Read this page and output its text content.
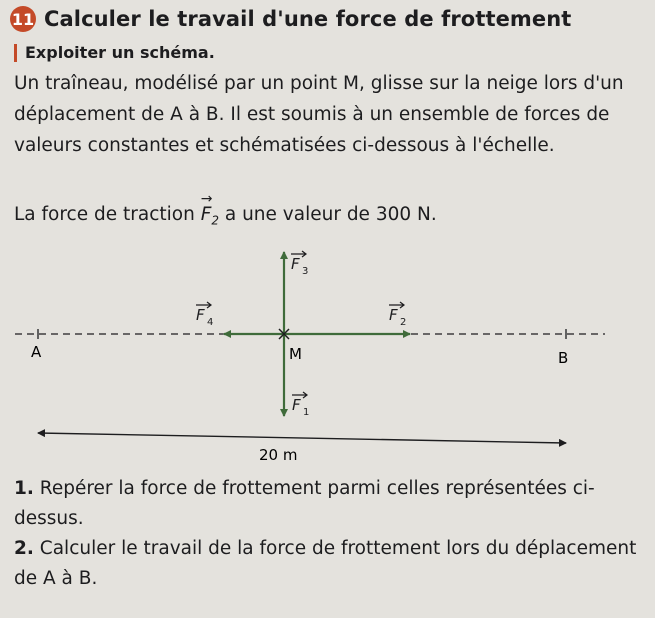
11 Calculer le travail d'une force de frottement
Exploiter un schéma.
Un traîneau, modélisé par un point M, glisse sur la neige lors d'un déplacement de A à B. Il est soumis à un ensemble de forces de valeurs constantes et schématisées ci-dessous à l'échelle.
La force de traction → $F_2$ a une valeur de 300 N.
A	B
M
F 3
F 4	F 2
F 1
20 m
1. Repérer la force de frottement parmi celles représentées ci-dessus.
2. Calculer le travail de la force de frottement lors du déplacement de A à B.
